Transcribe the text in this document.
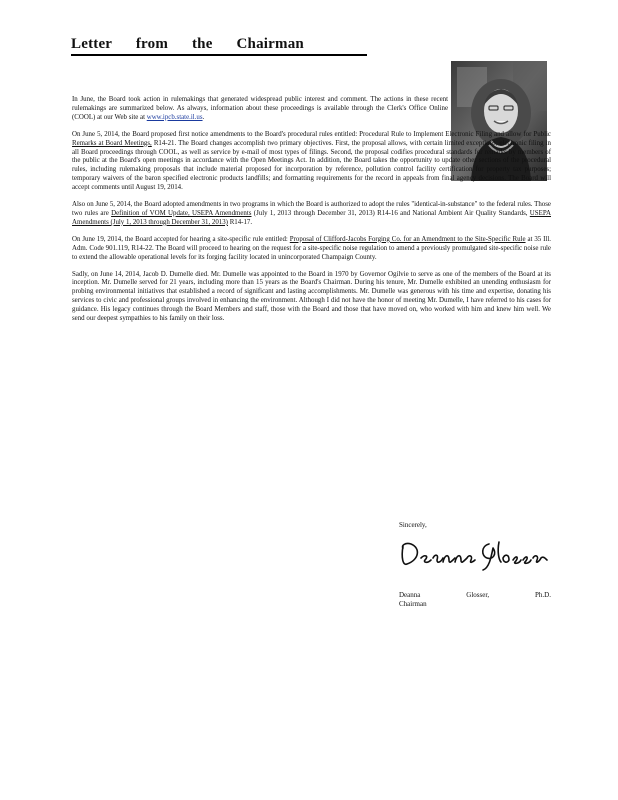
Letter from the Chairman

In June, the Board took action in rulemakings that generated widespread public interest and comment. The actions in these recent rulemakings are summarized below. As always, information about these proceedings is available through the Clerk's Office Online (COOL) at our Web site at www.ipcb.state.il.us.

On June 5, 2014, the Board proposed first notice amendments to the Board's procedural rules entitled: Procedural Rule to Implement Electronic Filing and allow for Public Remarks at Board Meetings, R14-21. The Board changes accomplish two primary objectives. First, the proposal allows, with certain limited exceptions, electronic filing in all Board proceedings through COOL, as well as service by e-mail of most types of filings. Second, the proposal codifies procedural standards for remarks by members of the public at the Board's open meetings in accordance with the Open Meetings Act. In addition, the Board takes the opportunity to update other sections of the procedural rules, including rulemaking proposals that include material proposed for incorporation by reference, pollution control facility certification for property tax purposes; temporary waivers of the baron specified electronic products landfills; and formatting requirements for the record in appeals from final agency decisions. The Board will accept comments until August 19, 2014.

Also on June 5, 2014, the Board adopted amendments in two programs in which the Board is authorized to adopt the rules "identical-in-substance" to the federal rules. Those two rules are Definition of VOM Update, USEPA Amendments (July 1, 2013 through December 31, 2013) R14-16 and National Ambient Air Quality Standards, USEPA Amendments (July 1, 2013 through December 31, 2013) R14-17.

On June 19, 2014, the Board accepted for hearing a site-specific rule entitled: Proposal of Clifford-Jacobs Forging Co. for an Amendment to the Site-Specific Rule at 35 Ill. Adm. Code 901.119, R14-22. The Board will proceed to hearing on the request for a site-specific noise regulation to amend a previously promulgated site-specific noise rule to extend the allowable operational levels for its forging facility located in unincorporated Champaign County.

Sadly, on June 14, 2014, Jacob D. Dumelle died. Mr. Dumelle was appointed to the Board in 1970 by Governor Ogilvie to serve as one of the members of the Board at its inception. Mr. Dumelle served for 21 years, including more than 15 years as the Board's Chairman. During his tenure, Mr. Dumelle exhibited an unending enthusiasm for probing environmental initiatives that established a record of significant and lasting accomplishments. Mr. Dumelle was generous with his time and expertise, donating his services to civic and professional groups involved in enhancing the environment. Although I did not have the honor of meeting Mr. Dumelle, I have referred to his cases for guidance. His legacy continues through the Board Members and staff, those with the Board and those that have moved on, who worked with him and knew him well. We send our deepest sympathies to his family on their loss.

Sincerely,
Deanna	Glosser,	Ph.D.
Chairman
